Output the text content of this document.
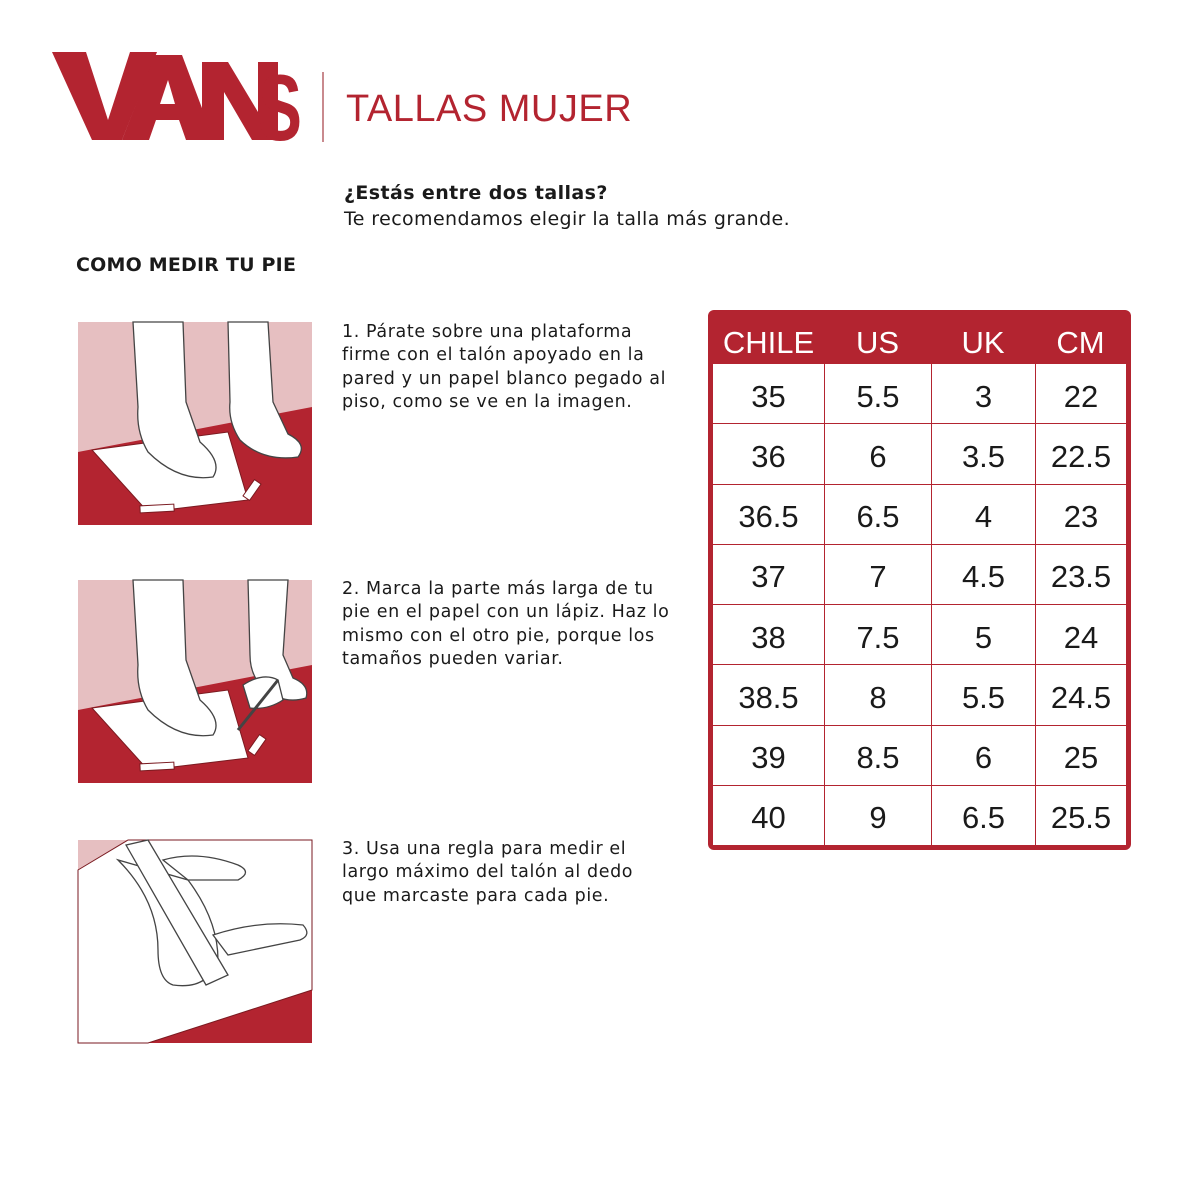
S TALLAS MUJER
¿Estás entre dos tallas?
Te recomendamos elegir la talla más grande.
COMO MEDIR TU PIE
1. Párate sobre una plataforma
firme con el talón apoyado en la
pared y un papel blanco pegado al
piso, como se ve en la imagen.
2. Marca la parte más larga de tu
pie en el papel con un lápiz. Haz lo
mismo con el otro pie, porque los
tamaños pueden variar.
3. Usa una regla para medir el
largo máximo del talón al dedo
que marcaste para cada pie.
CHILE	US	UK	CM
35	5.5	3	22
36	6	3.5	22.5
36.5	6.5	4	23
37	7	4.5	23.5
38	7.5	5	24
38.5	8	5.5	24.5
39	8.5	6	25
40	9	6.5	25.5
